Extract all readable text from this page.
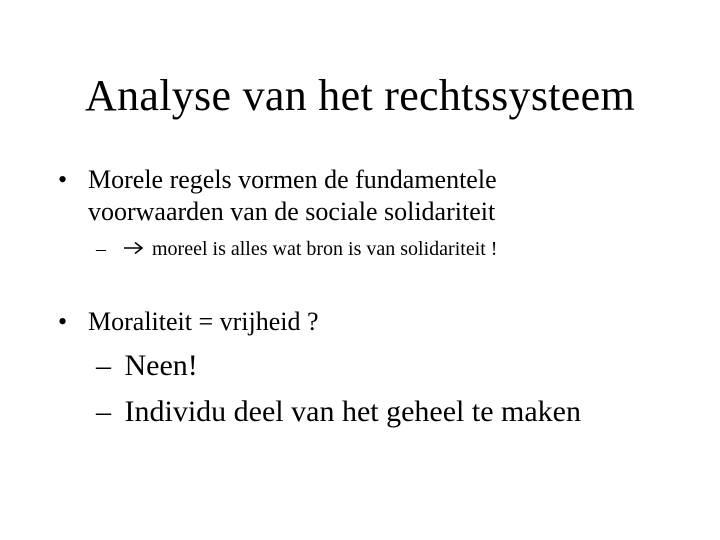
Analyse van het rechtssysteem
• Morele regels vormen de fundamentele
voorwaarden van de sociale solidariteit
– moreel is alles wat bron is van solidariteit !
• Moraliteit = vrijheid ?
– Neen!
– Individu deel van het geheel te maken
